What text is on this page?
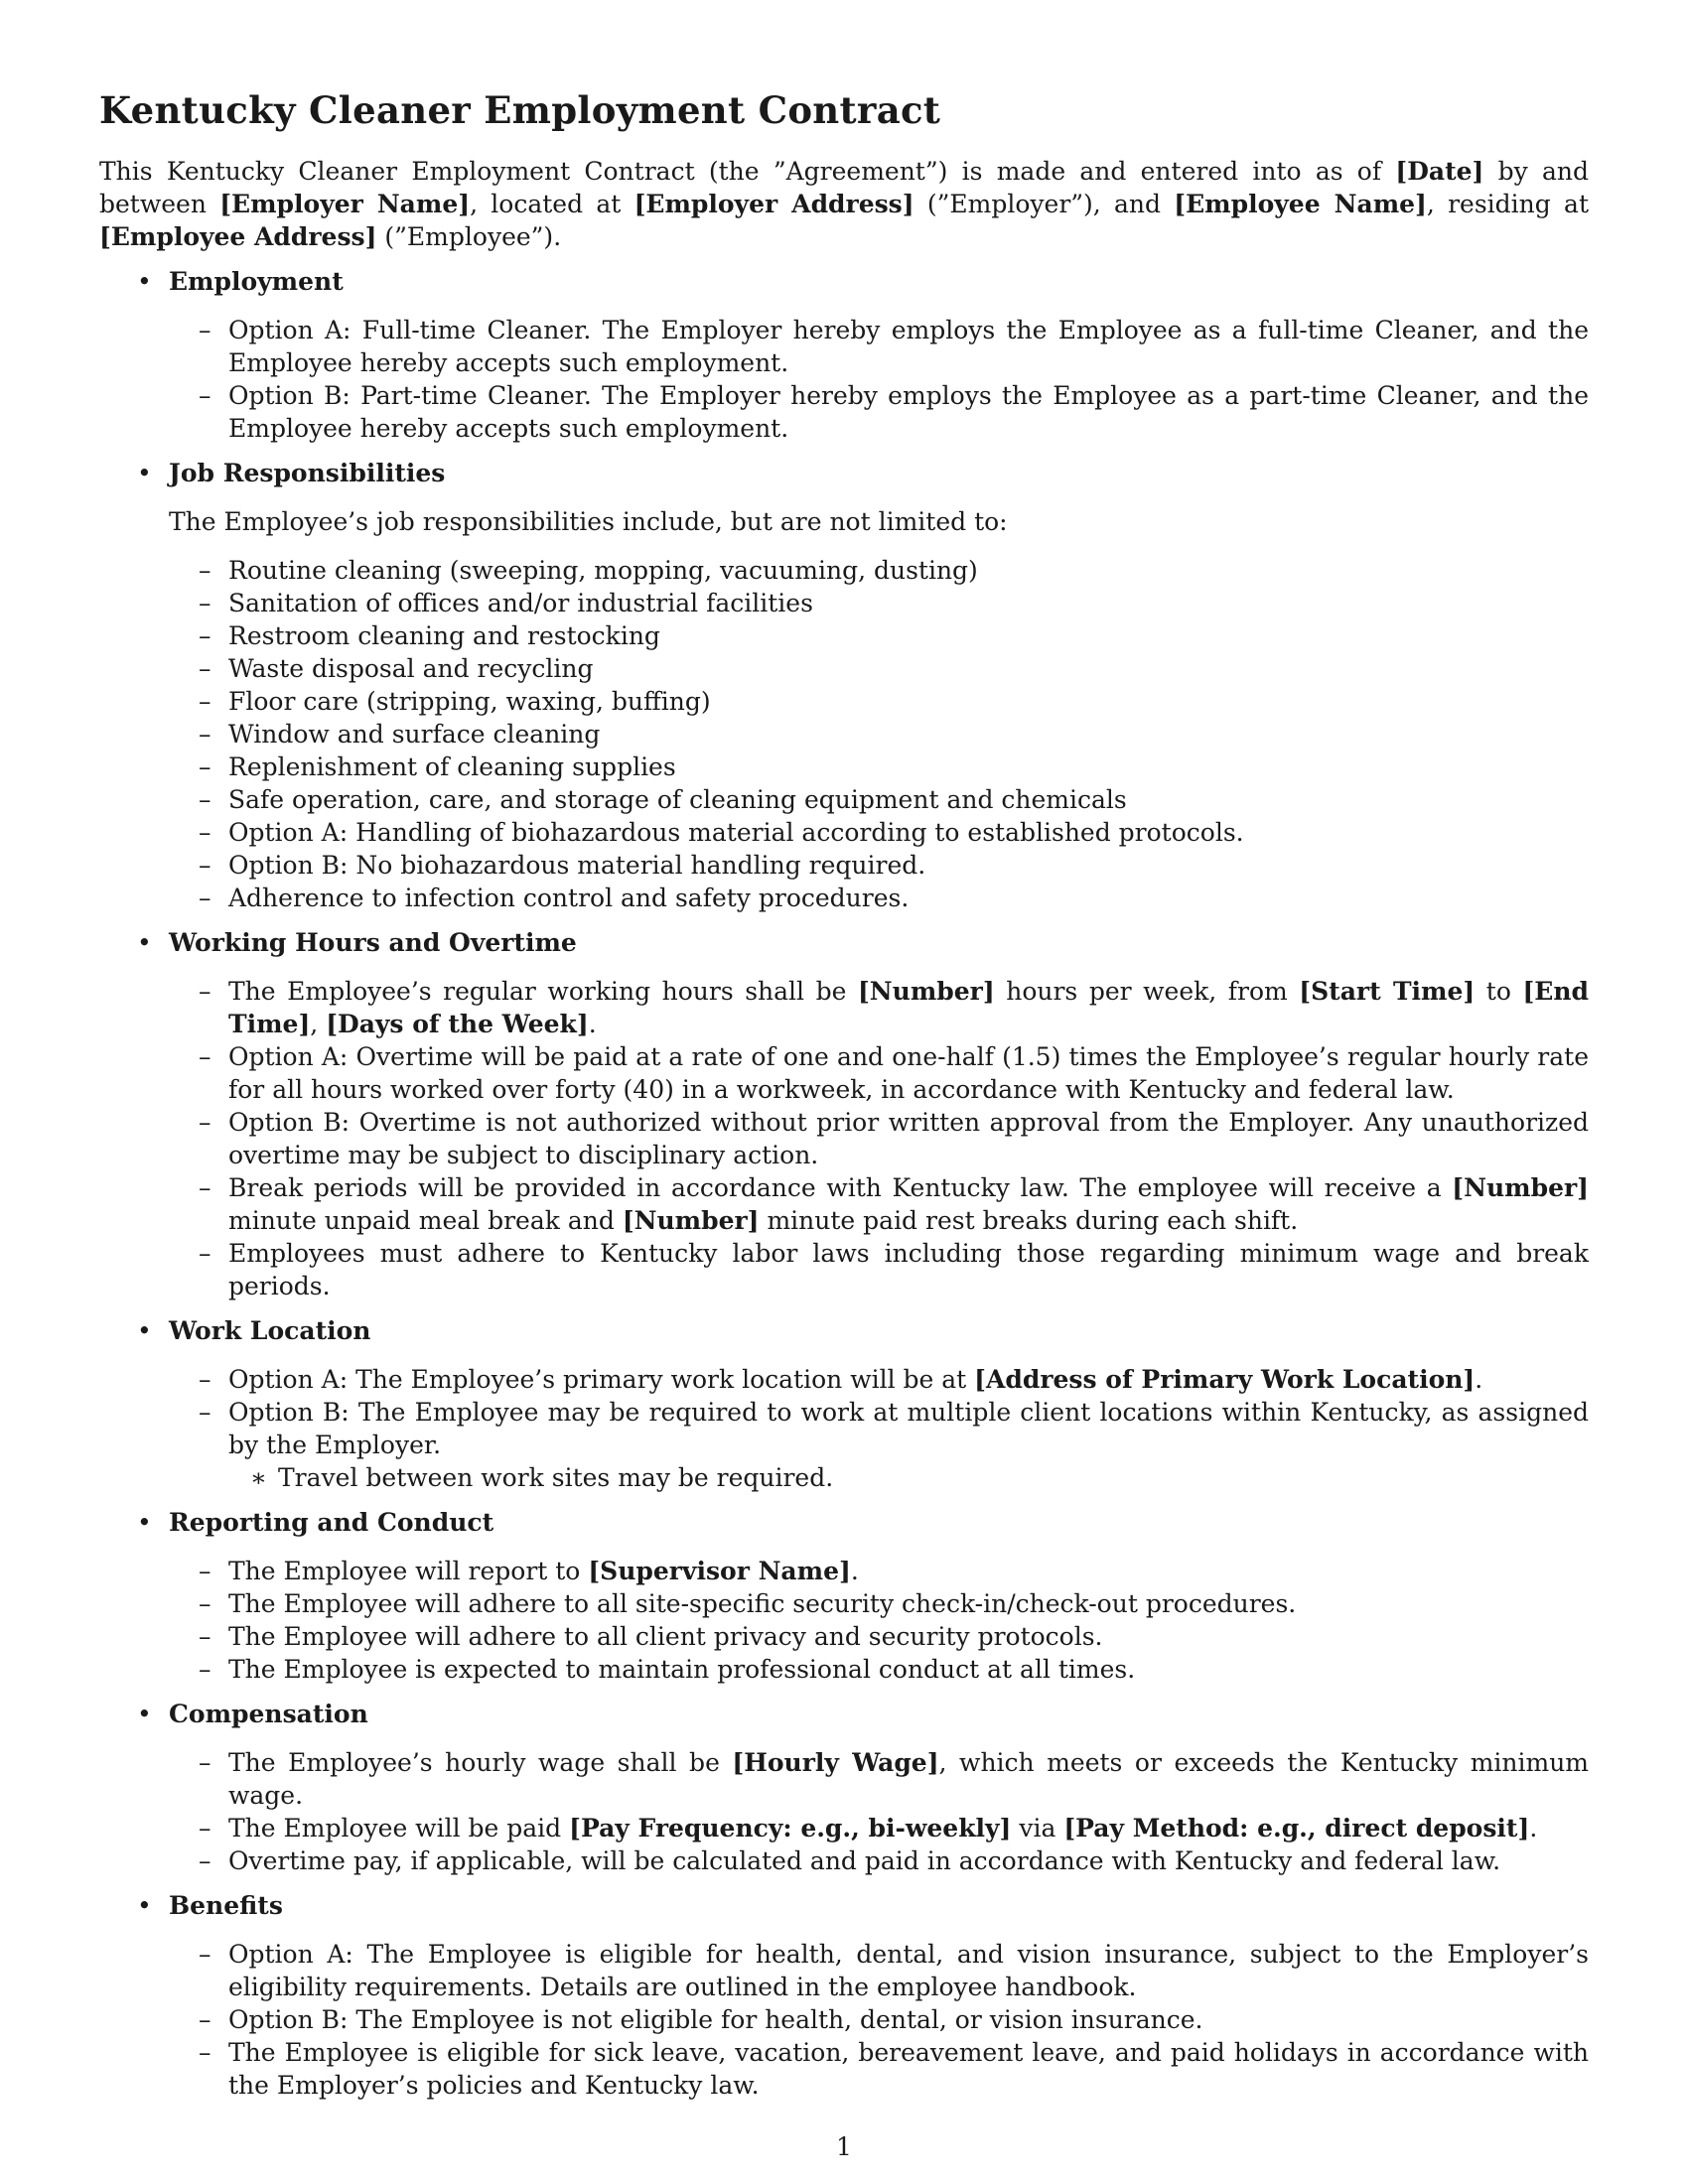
Kentucky Cleaner Employment Contract

This Kentucky Cleaner Employment Contract (the ”Agreement”) is made and entered into as of [Date] by and between [Employer Name], located at [Employer Address] (”Employer”), and [Employee Name], residing at [Employee Address] (”Employee”).

• Employment
– Option A: Full-time Cleaner. The Employer hereby employs the Employee as a full-time Cleaner, and the Employee hereby accepts such employment.
– Option B: Part-time Cleaner. The Employer hereby employs the Employee as a part-time Cleaner, and the Employee hereby accepts such employment.
• Job Responsibilities
The Employee’s job responsibilities include, but are not limited to:
– Routine cleaning (sweeping, mopping, vacuuming, dusting)
– Sanitation of offices and/or industrial facilities
– Restroom cleaning and restocking
– Waste disposal and recycling
– Floor care (stripping, waxing, buffing)
– Window and surface cleaning
– Replenishment of cleaning supplies
– Safe operation, care, and storage of cleaning equipment and chemicals
– Option A: Handling of biohazardous material according to established protocols.
– Option B: No biohazardous material handling required.
– Adherence to infection control and safety procedures.
• Working Hours and Overtime
– The Employee’s regular working hours shall be [Number] hours per week, from [Start Time] to [End Time], [Days of the Week].
– Option A: Overtime will be paid at a rate of one and one-half (1.5) times the Employee’s regular hourly rate for all hours worked over forty (40) in a workweek, in accordance with Kentucky and federal law.
– Option B: Overtime is not authorized without prior written approval from the Employer. Any unauthorized overtime may be subject to disciplinary action.
– Break periods will be provided in accordance with Kentucky law. The employee will receive a [Number] minute unpaid meal break and [Number] minute paid rest breaks during each shift.
– Employees must adhere to Kentucky labor laws including those regarding minimum wage and break periods.
• Work Location
– Option A: The Employee’s primary work location will be at [Address of Primary Work Location].
– Option B: The Employee may be required to work at multiple client locations within Kentucky, as assigned by the Employer.
∗ Travel between work sites may be required.
• Reporting and Conduct
– The Employee will report to [Supervisor Name].
– The Employee will adhere to all site-specific security check-in/check-out procedures.
– The Employee will adhere to all client privacy and security protocols.
– The Employee is expected to maintain professional conduct at all times.
• Compensation
– The Employee’s hourly wage shall be [Hourly Wage], which meets or exceeds the Kentucky minimum wage.
– The Employee will be paid [Pay Frequency: e.g., bi-weekly] via [Pay Method: e.g., direct deposit].
– Overtime pay, if applicable, will be calculated and paid in accordance with Kentucky and federal law.
• Benefits
– Option A: The Employee is eligible for health, dental, and vision insurance, subject to the Employer’s eligibility requirements. Details are outlined in the employee handbook.
– Option B: The Employee is not eligible for health, dental, or vision insurance.
– The Employee is eligible for sick leave, vacation, bereavement leave, and paid holidays in accordance with the Employer’s policies and Kentucky law.
1
